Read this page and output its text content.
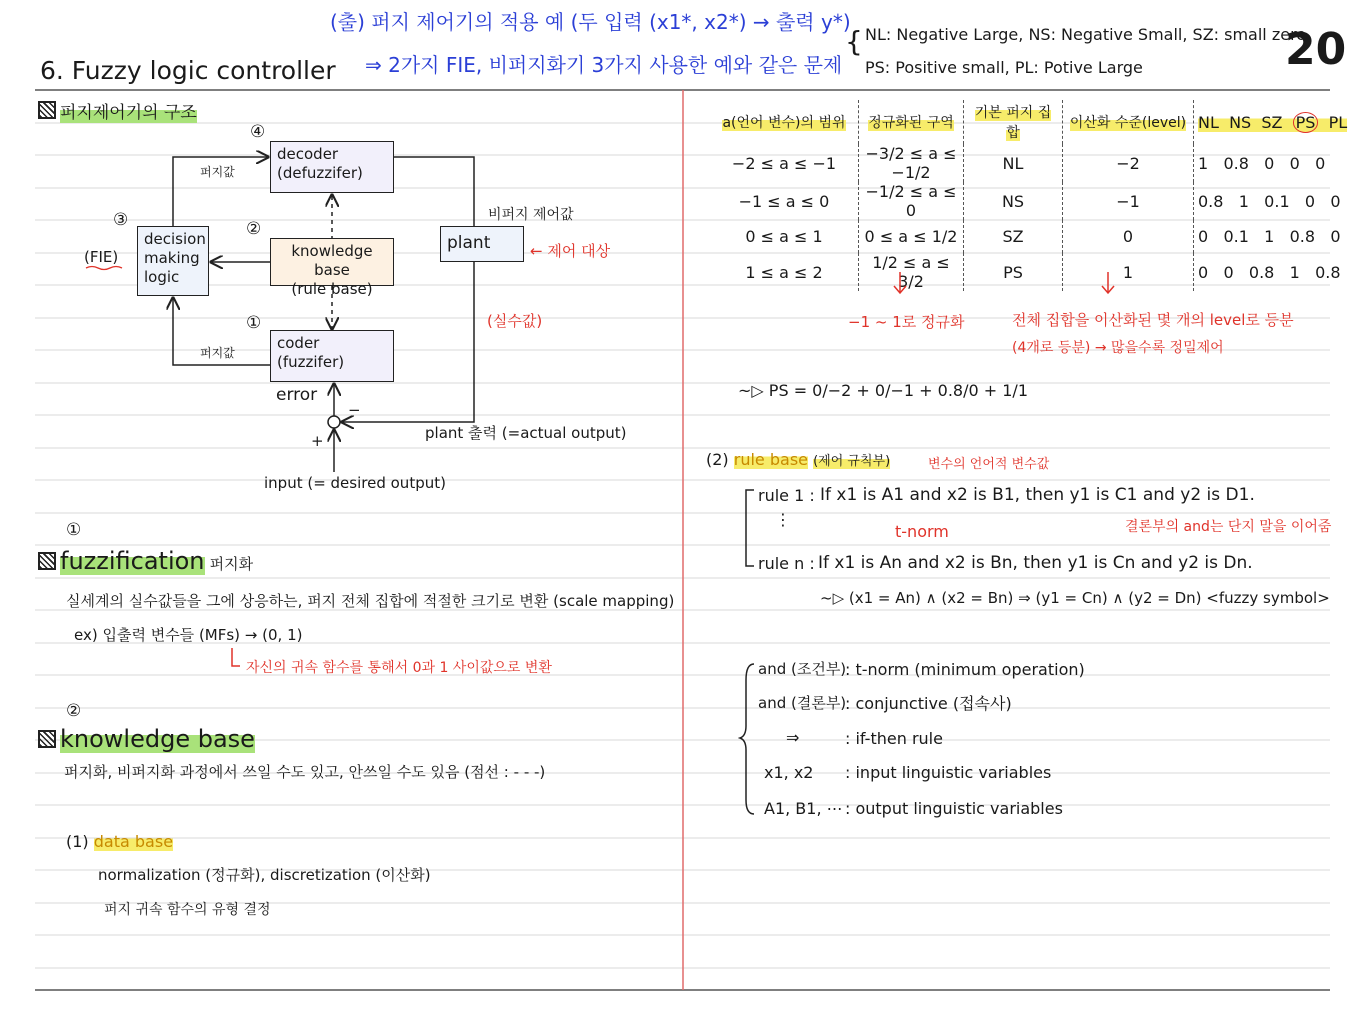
(출) 퍼지 제어기의 적용 예 (두 입력 (x1*, x2*) → 출력 y*)
⇒ 2가지 FIE, 비퍼지화기 3가지 사용한 예와 같은 문제
{ NL: Negative Large, NS: Negative Small, SZ: small zero,
PS: Positive small, PL: Potive Large	20
6. Fuzzy logic controller
퍼지제어기의 구조
decoder
(defuzzifer)
④
knowledge base
(rule base)
②
decision
making
logic
③
(FIE)
coder
(fuzzifer)
①
plant
퍼지값
퍼지값
비퍼지 제어값
← 제어 대상
(실수값)
error
−
+	plant 출력 (=actual output)
input (= desired output)
①
fuzzification 퍼지화
실세계의 실수값들을 그에 상응하는, 퍼지 전체 집합에 적절한 크기로 변환 (scale mapping)
ex) 입출력 변수들 (MFs) → (0, 1)
자신의 귀속 함수를 통해서 0과 1 사이값으로 변환
②
knowledge base
퍼지화, 비퍼지화 과정에서 쓰일 수도 있고, 안쓰일 수도 있음 (점선 : - - -)
(1) data base
normalization (정규화), discretization (이산화)
퍼지 귀속 함수의 유형 결정
a(언어 변수)의 범위	정규화된 구역	기본 퍼지 집합	이산화 수준(level)	NL NS SZ PS PL
−2 ≤ a ≤ −1	−3/2 ≤ a ≤ −1/2	NL	−2	1 0.8 0 0 0
−1 ≤ a ≤ 0	−1/2 ≤ a ≤ 0	NS	−1	0.8 1 0.1 0 0
0 ≤ a ≤ 1	0 ≤ a ≤ 1/2	SZ	0	0 0.1 1 0.8 0
1 ≤ a ≤ 2	1/2 ≤ a ≤ 3/2	PS	1	0 0 0.8 1 0.8
−1 ~ 1로 정규화	전체 집합을 이산화된 몇 개의 level로 등분
(4개로 등분) → 많을수록 정밀제어
~▷ PS = 0/−2 + 0/−1 + 0.8/0 + 1/1
(2) rule base (제어 규칙부)	변수의 언어적 변수값
rule 1 : If x1 is A1 and x2 is B1, then y1 is C1 and y2 is D1.
⋮
t-norm	결론부의 and는 단지 말을 이어줌
rule n : If x1 is An and x2 is Bn, then y1 is Cn and y2 is Dn.
~▷ (x1 = An) ∧ (x2 = Bn) ⇒ (y1 = Cn) ∧ (y2 = Dn) <fuzzy symbol>
and (조건부)
: t-norm (minimum operation)
and (결론부)
: conjunctive (접속사)
⇒	: if-then rule
x1, x2 : input linguistic variables
A1, B1, ⋯ : output linguistic variables
